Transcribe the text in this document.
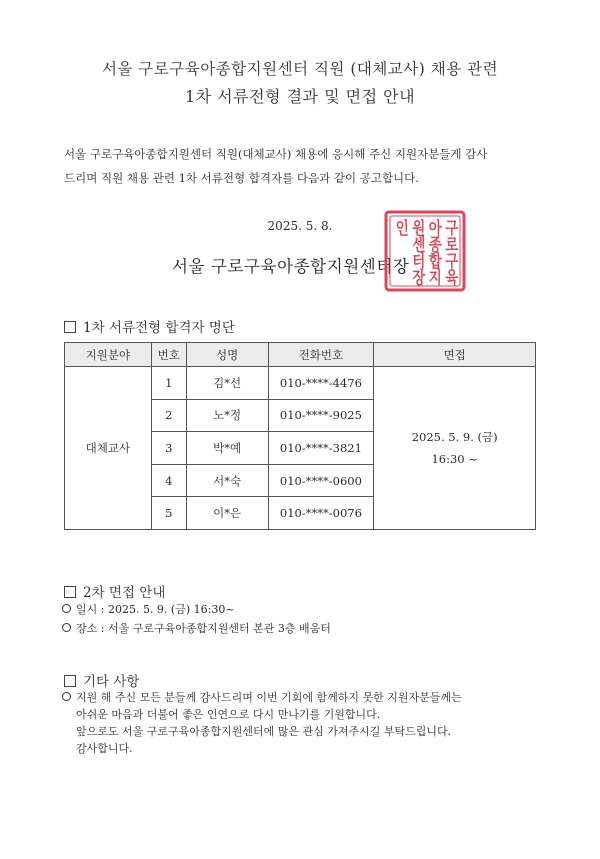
서울 구로구육아종합지원센터 직원 (대체교사) 채용 관련
1차 서류전형 결과 및 면접 안내
서울 구로구육아종합지원센터 직원(대체교사) 채용에 응시해 주신 지원자분들게 감사
드리며 직원 채용 관련 1차 서류전형 합격자를 다음과 같이 공고합니다.
2025. 5. 8.
서울 구로구육아종합지원센터장
구
로
구
육
아
종
합
지
원
센
터
장
인
1차 서류전형 합격자 명단
지원분야	번호	성명	전화번호	면접
대체교사	1	김*선	010-****-4476	2025. 5. 9. (금)
16:30 ~

	2	노*정	010-****-9025	
	3	박*예	010-****-3821	
	4	서*숙	010-****-0600	
	5	이*은	010-****-0076	
2차 면접 안내
일시 : 2025. 5. 9. (금) 16:30~
장소 : 서울 구로구육아종합지원센터 본관 3층 배움터
기타 사항
지원 해 주신 모든 분들께 감사드리며 이번 기회에 함께하지 못한 지원자분들께는
아쉬운 마음과 더불어 좋은 인연으로 다시 만나기를 기원합니다.
앞으로도 서울 구로구육아종합지원센터에 많은 관심 가져주시길 부탁드립니다.
감사합니다.
